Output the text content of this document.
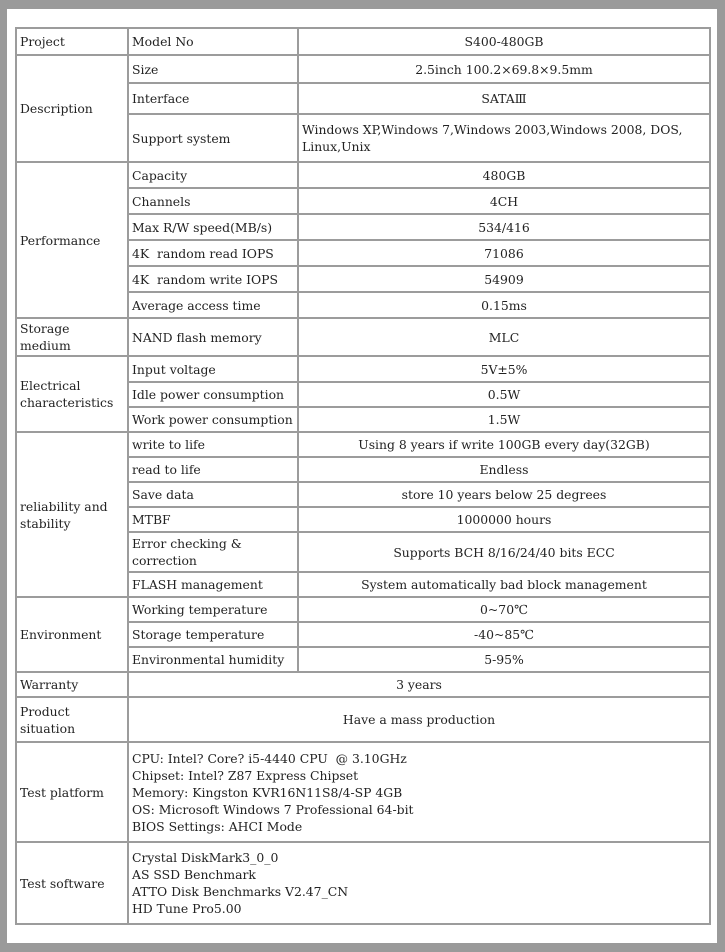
Project	Model No	S400-480GB
Description	Size	2.5inch 100.2×69.8×9.5mm
	Interface	SATAⅢ
	Support system	Windows XP,Windows 7,Windows 2003,Windows 2008, DOS, Linux,Unix
Performance	Capacity	480GB
	Channels	4CH
	Max R/W speed(MB/s)	534/416
	4K  random read IOPS	71086
	4K  random write IOPS	54909
	Average access time	0.15ms
Storage medium	NAND flash memory	MLC
Electrical characteristics	Input voltage	5V±5%
	Idle power consumption	0.5W
	Work power consumption	1.5W
reliability and stability	write to life	Using 8 years if write 100GB every day(32GB)
	read to life	Endless
	Save data	store 10 years below 25 degrees
	MTBF	1000000 hours
	Error checking & correction	Supports BCH 8/16/24/40 bits ECC
	FLASH management	System automatically bad block management
Environment	Working temperature	0~70℃
	Storage temperature	-40~85℃
	Environmental humidity	5-95%
Warranty	3 years	
Product situation	Have a mass production	
Test platform	CPU: Intel? Core? i5-4440 CPU  @ 3.10GHz
Chipset: Intel? Z87 Express Chipset
Memory: Kingston KVR16N11S8/4-SP 4GB
OS: Microsoft Windows 7 Professional 64-bit
BIOS Settings: AHCI Mode	

Test software	Crystal DiskMark3_0_0
AS SSD Benchmark
ATTO Disk Benchmarks V2.47_CN
HD Tune Pro5.00	
